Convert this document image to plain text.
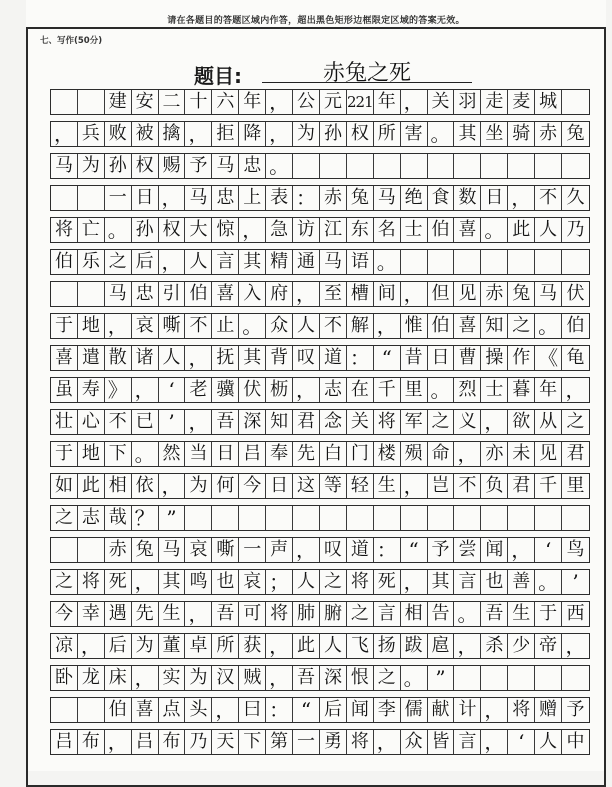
请在各题目的答题区域内作答，超出黑色矩形边框限定区域的答案无效。
七、写作(50分)
题目:	赤兔之死
建 安 二 十 六 年 ， 公 元 221 年 ， 关 羽 走 麦 城
， 兵 败 被 擒 ， 拒 降 ， 为 孙 权 所 害 。 其 坐 骑 赤 兔
马 为 孙 权 赐 予 马 忠 。
一 日 ， 马 忠 上 表 ： 赤 兔 马 绝 食 数 日 ， 不 久
将 亡 。 孙 权 大 惊 ， 急 访 江 东 名 士 伯 喜 。 此 人 乃
伯 乐 之 后 ， 人 言 其 精 通 马 语 。
马 忠 引 伯 喜 入 府 ， 至 槽 间 ， 但 见 赤 兔 马 伏
于 地 ， 哀 嘶 不 止 。 众 人 不 解 ， 惟 伯 喜 知 之 。 伯
喜 遣 散 诸 人 ， 抚 其 背 叹 道 ： “ 昔 日 曹 操 作 《 龟
虽 寿 》 ， ‘ 老 骥 伏 枥 ， 志 在 千 里 。 烈 士 暮 年 ，
壮 心 不 已 ’ ， 吾 深 知 君 念 关 将 军 之 义 ， 欲 从 之
于 地 下 。 然 当 日 吕 奉 先 白 门 楼 殒 命 ， 亦 未 见 君
如 此 相 依 ， 为 何 今 日 这 等 轻 生 ， 岂 不 负 君 千 里
之 志 哉 ？ ”
赤 兔 马 哀 嘶 一 声 ， 叹 道 ： “ 予 尝 闻 ， ‘ 鸟
之 将 死 ， 其 鸣 也 哀 ； 人 之 将 死 ， 其 言 也 善 。 ’
今 幸 遇 先 生 ， 吾 可 将 肺 腑 之 言 相 告 。 吾 生 于 西
凉 ， 后 为 董 卓 所 获 ， 此 人 飞 扬 跋 扈 ， 杀 少 帝 ，
卧 龙 床 ， 实 为 汉 贼 ， 吾 深 恨 之 。 ”
伯 喜 点 头 ， 曰 ： “ 后 闻 李 儒 献 计 ， 将 赠 予
吕 布 ， 吕 布 乃 天 下 第 一 勇 将 ， 众 皆 言 ， ‘ 人 中
